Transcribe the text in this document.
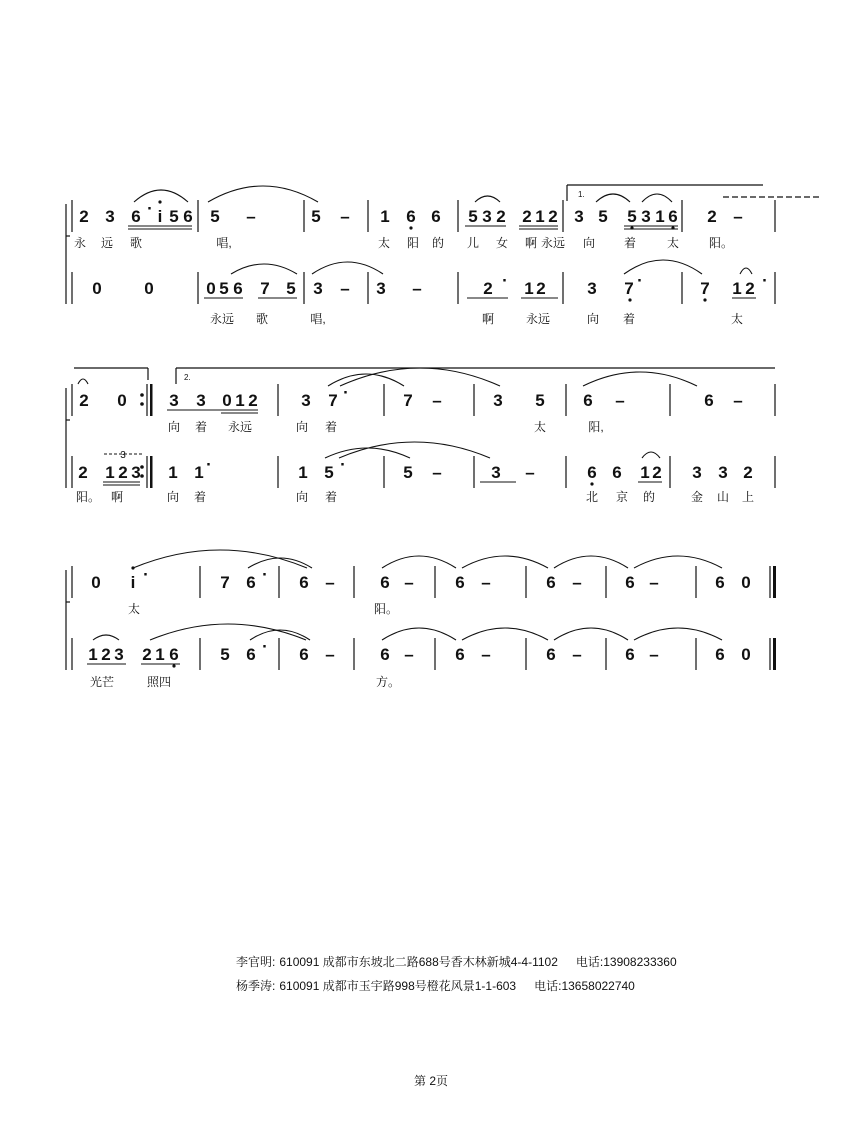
2 3 6 · i 5 6
永 远 歌
5 –
唱,
5 –
太
1 6 6
阳 的
5 3 2 2 1 2
儿 女 啊 永远
3 5 5 3 1 6
向 着	太
2 –
阳。
0	0	0 5 6 7 5
永远 歌
3 –
唱,
3 –	2 · 1 2
啊	永远
3 7 ·
向 着
7 1 2 ·
太
1.
2 0	3 3 0 1 2
向 着 永远
3 7 ·
向 着
7 –	3 5
太
6 –
阳,
6 –
2 1 2 3
阳。 啊
3
1 1 ·
向 着
1 5 ·
向 着
5 –	3 –	6 6 1 2
北 京 的
3 3 2
金 山 上
2.
0 i ·
太
7 6 · 6 –	6 –
阳。
6 –	6 –	6 –	6 0
1 2 3 2 1 6
光芒	照四
5 6 · 6 –	6 –
方。
6 –	6 –	6 –	6 0
李官明: 610091 成都市东坡北二路688号香木林新城4-4-1102 电话:13908233360
杨季涛: 610091 成都市玉宇路998号橙花风景1-1-603 电话:13658022740
第 2页
